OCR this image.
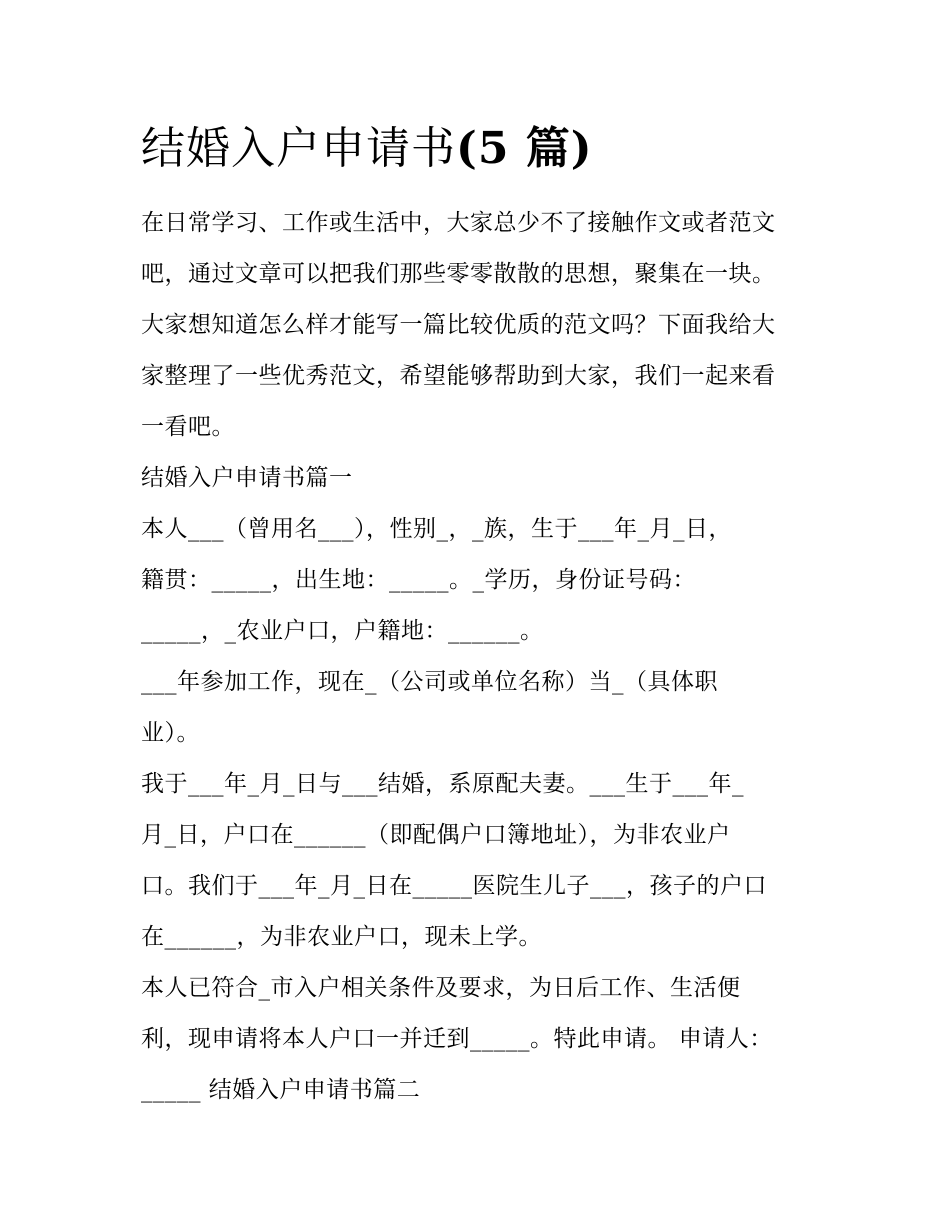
结婚入户申请书(5 篇)

在日常学习、工作或生活中，大家总少不了接触作文或者范文
吧，通过文章可以把我们那些零零散散的思想，聚集在一块。
大家想知道怎么样才能写一篇比较优质的范文吗？下面我给大
家整理了一些优秀范文，希望能够帮助到大家，我们一起来看
一看吧。

结婚入户申请书篇一

本人___（曾用名___），性别_，_族，生于___年_月_日，
籍贯：_____，出生地：_____。_学历，身份证号码：
_____，_农业户口，户籍地：______。

___年参加工作，现在_（公司或单位名称）当_（具体职
业）。

我于___年_月_日与___结婚，系原配夫妻。___生于___年_
月_日，户口在______（即配偶户口簿地址），为非农业户
口。我们于___年_月_日在_____医院生儿子___，孩子的户口
在______，为非农业户口，现未上学。

本人已符合_市入户相关条件及要求，为日后工作、生活便
利，现申请将本人户口一并迁到_____。特此申请。 申请人：
_____ 结婚入户申请书篇二
